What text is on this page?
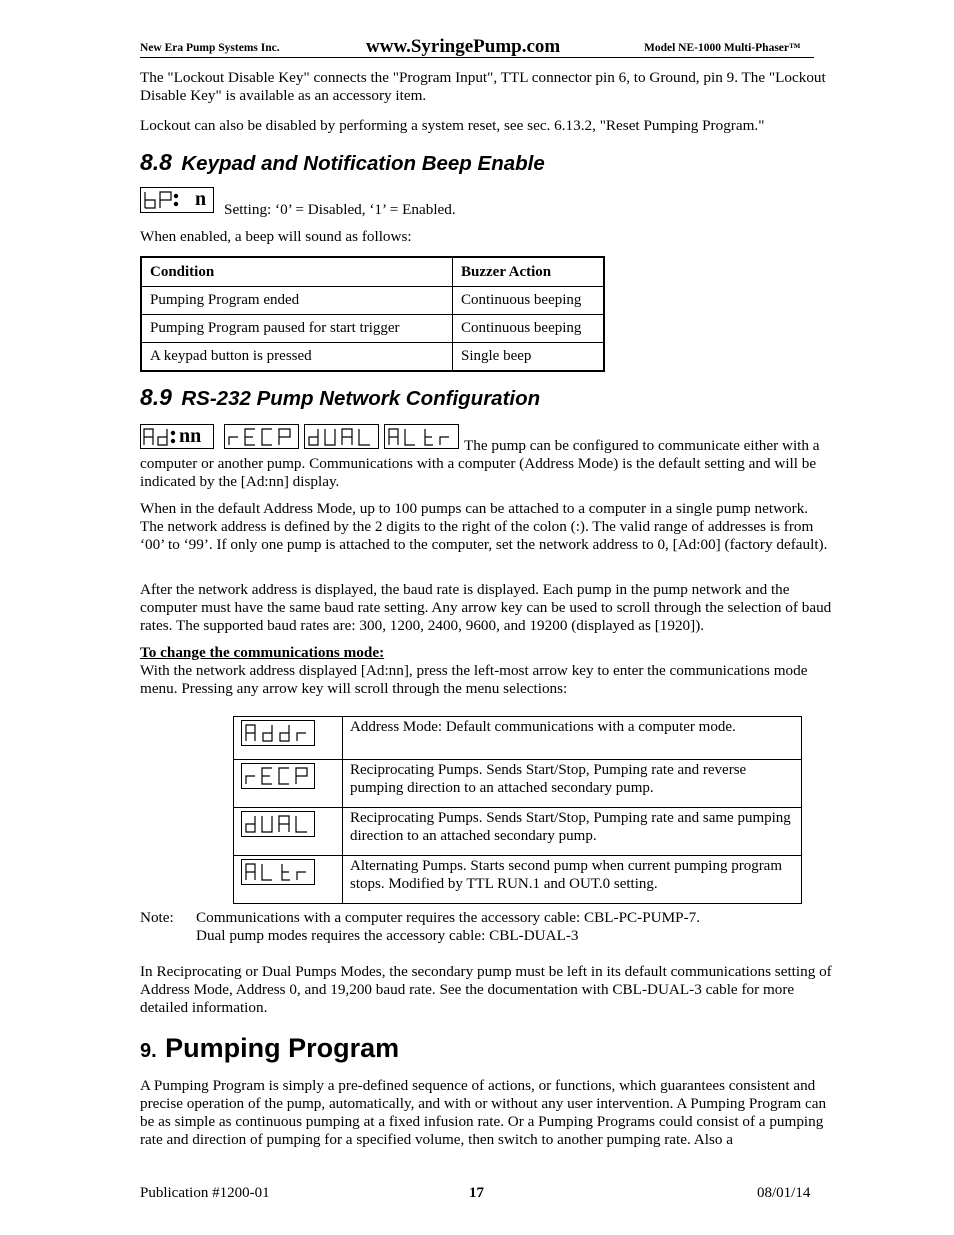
New Era Pump Systems Inc.	www.SyringePump.com	Model NE-1000 Multi-Phaser™

The "Lockout Disable Key" connects the "Program Input", TTL connector pin 6, to Ground, pin 9. The "Lockout Disable Key" is available as an accessory item.

Lockout can also be disabled by performing a system reset, see sec. 6.13.2, "Reset Pumping Program."

8.8 Keypad and Notification Beep Enable
n Setting: ‘0’ = Disabled, ‘1’ = Enabled.

When enabled, a beep will sound as follows:

Condition	Buzzer Action
Pumping Program ended	Continuous beeping
Pumping Program paused for start trigger	Continuous beeping
A keypad button is pressed	Single beep
8.9 RS-232 Pump Network Configuration
nn	The pump can be configured to communicate either with a

computer or another pump. Communications with a computer (Address Mode) is the default setting and will be indicated by the [Ad:nn] display.

When in the default Address Mode, up to 100 pumps can be attached to a computer in a single pump network. The network address is defined by the 2 digits to the right of the colon (:). The valid range of addresses is from ‘00’ to ‘99’. If only one pump is attached to the computer, set the network address to 0, [Ad:00] (factory default).

After the network address is displayed, the baud rate is displayed. Each pump in the pump network and the computer must have the same baud rate setting. Any arrow key can be used to scroll through the selection of baud rates. The supported baud rates are: 300, 1200, 2400, 9600, and 19200 (displayed as [1920]).

To change the communications mode:

With the network address displayed [Ad:nn], press the left-most arrow key to enter the communications mode menu. Pressing any arrow key will scroll through the menu selections:

	Address Mode: Default communications with a computer mode.

	Reciprocating Pumps. Sends Start/Stop, Pumping rate and reverse pumping direction to an attached secondary pump.

	Reciprocating Pumps. Sends Start/Stop, Pumping rate and same pumping direction to an attached secondary pump.

	Alternating Pumps. Starts second pump when current pumping program stops. Modified by TTL RUN.1 and OUT.0 setting.

Note: Communications with a computer requires the accessory cable: CBL-PC-PUMP-7.

Dual pump modes requires the accessory cable: CBL-DUAL-3

In Reciprocating or Dual Pumps Modes, the secondary pump must be left in its default communications setting of Address Mode, Address 0, and 19,200 baud rate. See the documentation with CBL-DUAL-3 cable for more detailed information.

9. Pumping Program

A Pumping Program is simply a pre-defined sequence of actions, or functions, which guarantees consistent and precise operation of the pump, automatically, and with or without any user intervention. A Pumping Program can be as simple as continuous pumping at a fixed infusion rate. Or a Pumping Programs could consist of a pumping rate and direction of pumping for a specified volume, then switch to another pumping rate. Also a

Publication #1200-01	17	08/01/14
